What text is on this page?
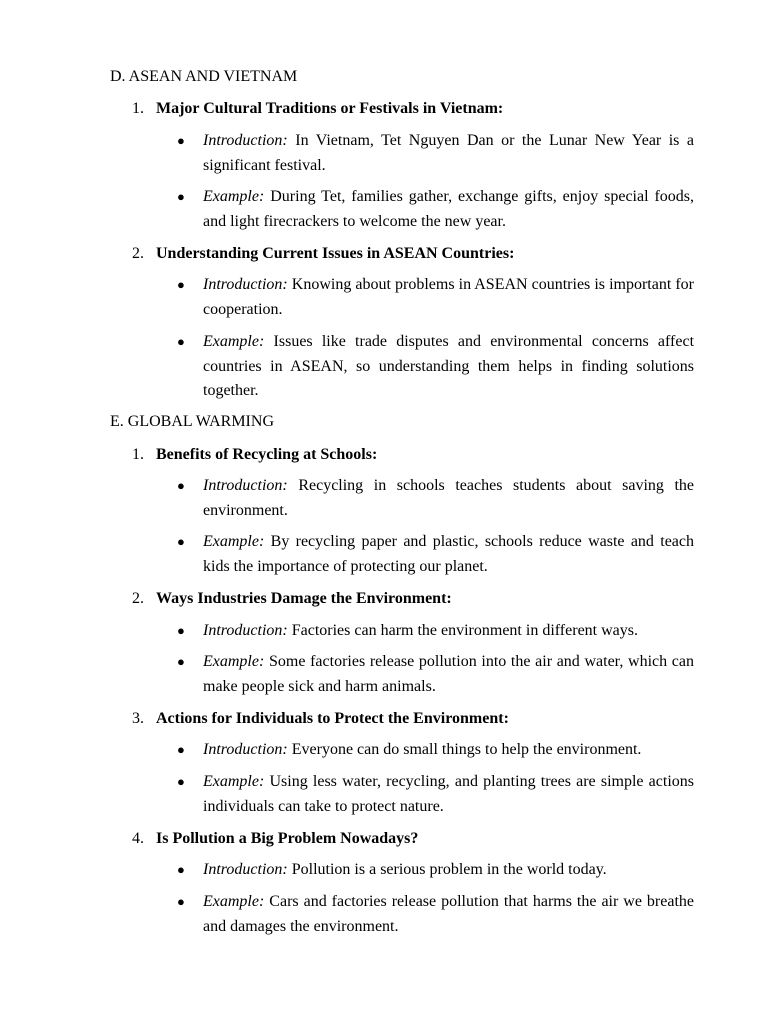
D. ASEAN AND VIETNAM
1. Major Cultural Traditions or Festivals in Vietnam:
● Introduction: In Vietnam, Tet Nguyen Dan or the Lunar New Year is a significant festival.
● Example: During Tet, families gather, exchange gifts, enjoy special foods, and light firecrackers to welcome the new year.
2. Understanding Current Issues in ASEAN Countries:
● Introduction: Knowing about problems in ASEAN countries is important for cooperation.
● Example: Issues like trade disputes and environmental concerns affect countries in ASEAN, so understanding them helps in finding solutions together.
E. GLOBAL WARMING
1. Benefits of Recycling at Schools:
● Introduction: Recycling in schools teaches students about saving the environment.
● Example: By recycling paper and plastic, schools reduce waste and teach kids the importance of protecting our planet.
2. Ways Industries Damage the Environment:
● Introduction: Factories can harm the environment in different ways.
● Example: Some factories release pollution into the air and water, which can make people sick and harm animals.
3. Actions for Individuals to Protect the Environment:
● Introduction: Everyone can do small things to help the environment.
● Example: Using less water, recycling, and planting trees are simple actions individuals can take to protect nature.
4. Is Pollution a Big Problem Nowadays?
● Introduction: Pollution is a serious problem in the world today.
● Example: Cars and factories release pollution that harms the air we breathe and damages the environment.
